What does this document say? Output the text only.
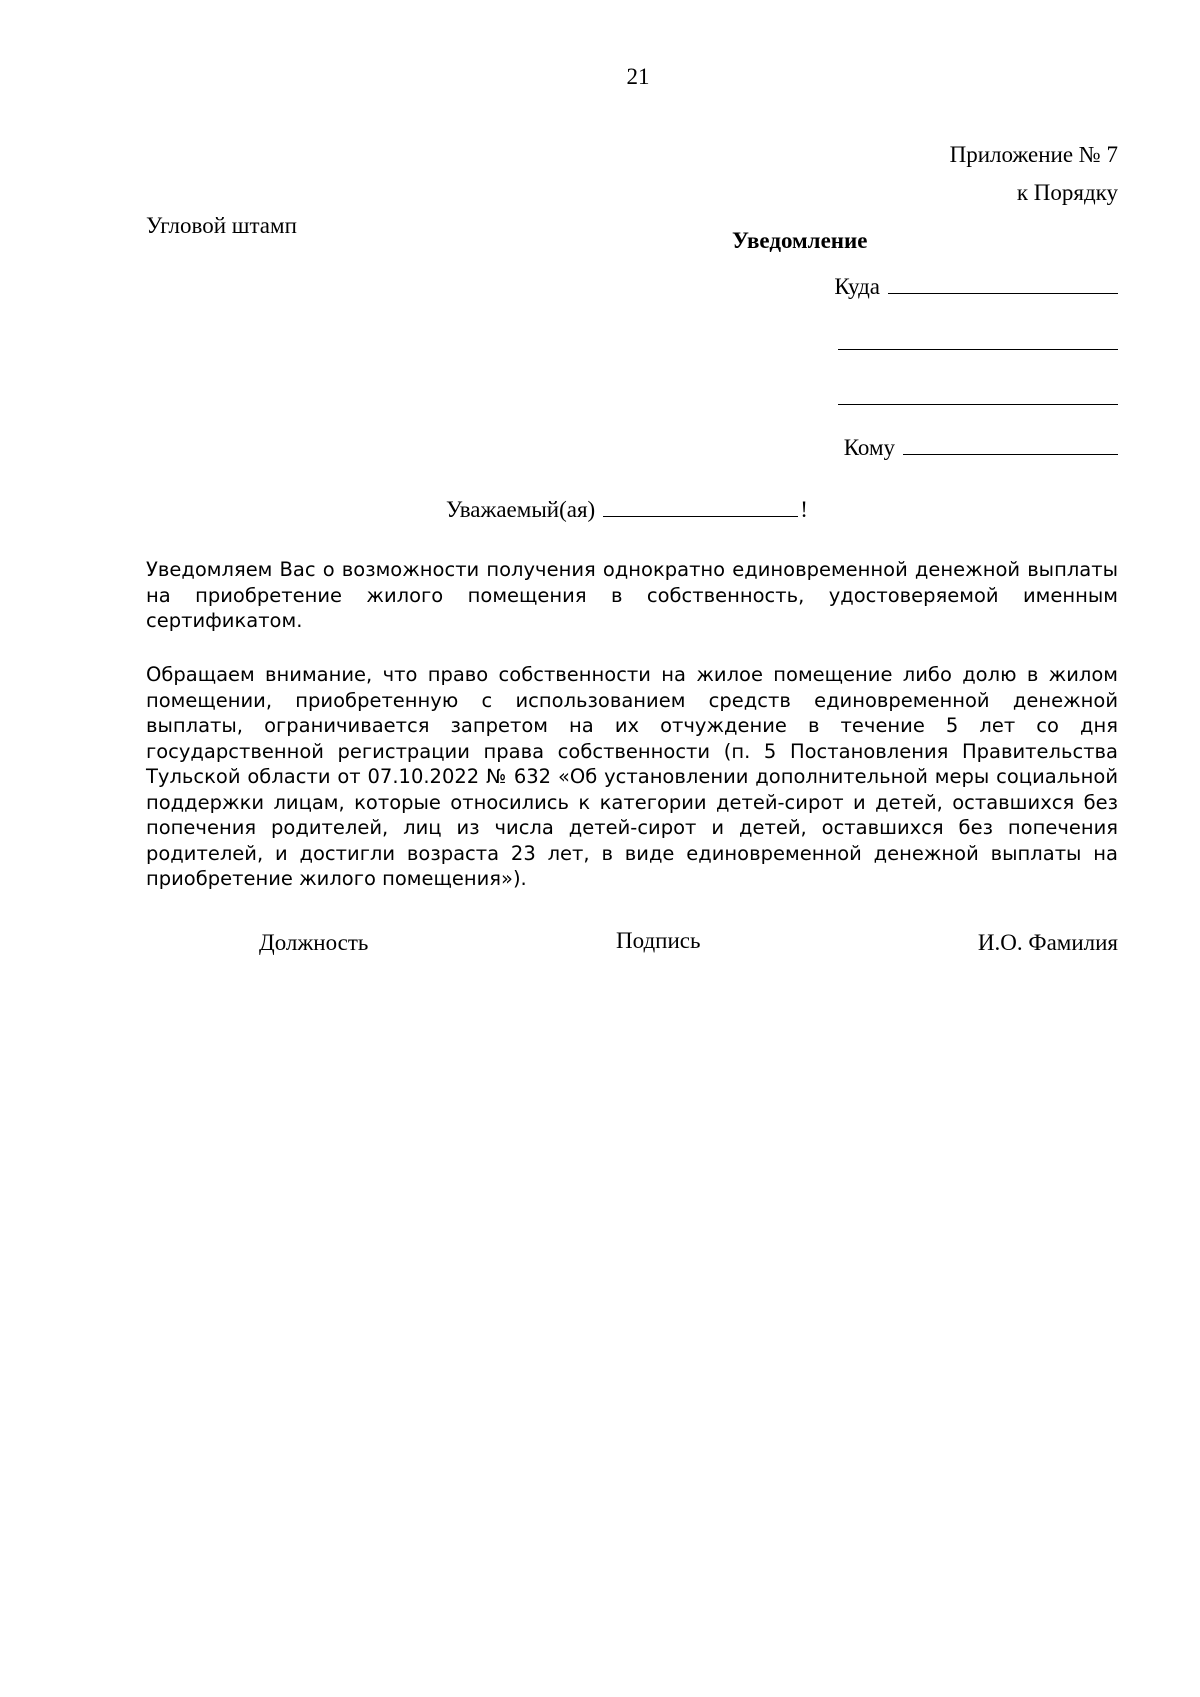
21
Приложение № 7
к Порядку
Угловой штамп
Уведомление
Куда
Кому
Уважаемый(ая)	!
Уведомляем Вас о возможности получения однократно единовременной денежной выплаты на приобретение жилого помещения в собственность, удостоверяемой именным сертификатом.
Обращаем внимание, что право собственности на жилое помещение либо долю в жилом помещении, приобретенную с использованием средств единовременной денежной выплаты, ограничивается запретом на их отчуждение в течение 5 лет со дня государственной регистрации права собственности (п. 5 Постановления Правительства Тульской области от 07.10.2022 № 632 «Об установлении дополнительной меры социальной поддержки лицам, которые относились к категории детей-сирот и детей, оставшихся без попечения родителей, лиц из числа детей-сирот и детей, оставшихся без попечения родителей, и достигли возраста 23 лет, в виде единовременной денежной выплаты на приобретение жилого помещения»).
Должность	Подпись	И.О. Фамилия
